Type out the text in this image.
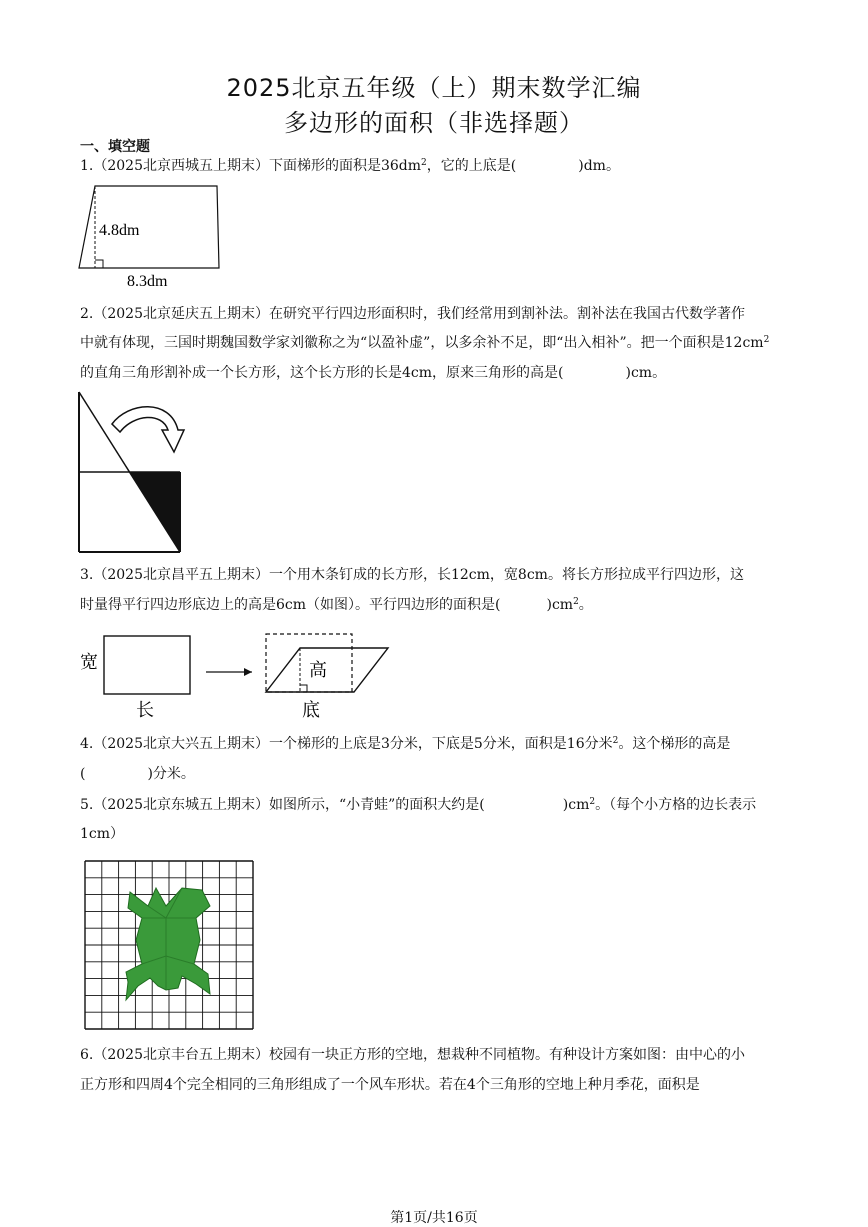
2025北京五年级（上）期末数学汇编
多边形的面积（非选择题）
一、填空题
1.（2025北京西城五上期末）下面梯形的面积是$36dm^2$，它的上底是(	)dm。
4.8dm
8.3dm
2.（2025北京延庆五上期末）在研究平行四边形面积时，我们经常用到割补法。割补法在我国古代数学著作
中就有体现，三国时期魏国数学家刘徽称之为“以盈补虚”，以多余补不足，即“出入相补”。把一个面积是$12cm^2$
的直角三角形割补成一个长方形，这个长方形的长是4cm，原来三角形的高是(	)cm。
3.（2025北京昌平五上期末）一个用木条钉成的长方形，长12cm，宽8cm。将长方形拉成平行四边形，这
时量得平行四边形底边上的高是6cm（如图）。平行四边形的面积是(	)$cm^2$。
宽
长
高
底
4.（2025北京大兴五上期末）一个梯形的上底是3分米，下底是5分米，面积是16分米$^2$。这个梯形的高是
(	)分米。
5.（2025北京东城五上期末）如图所示，“小青蛙”的面积大约是(	)$cm^2$。（每个小方格的边长表示
1cm）
6.（2025北京丰台五上期末）校园有一块正方形的空地，想栽种不同植物。有种设计方案如图：由中心的小
正方形和四周4个完全相同的三角形组成了一个风车形状。若在4个三角形的空地上种月季花，面积是
第1页/共16页
